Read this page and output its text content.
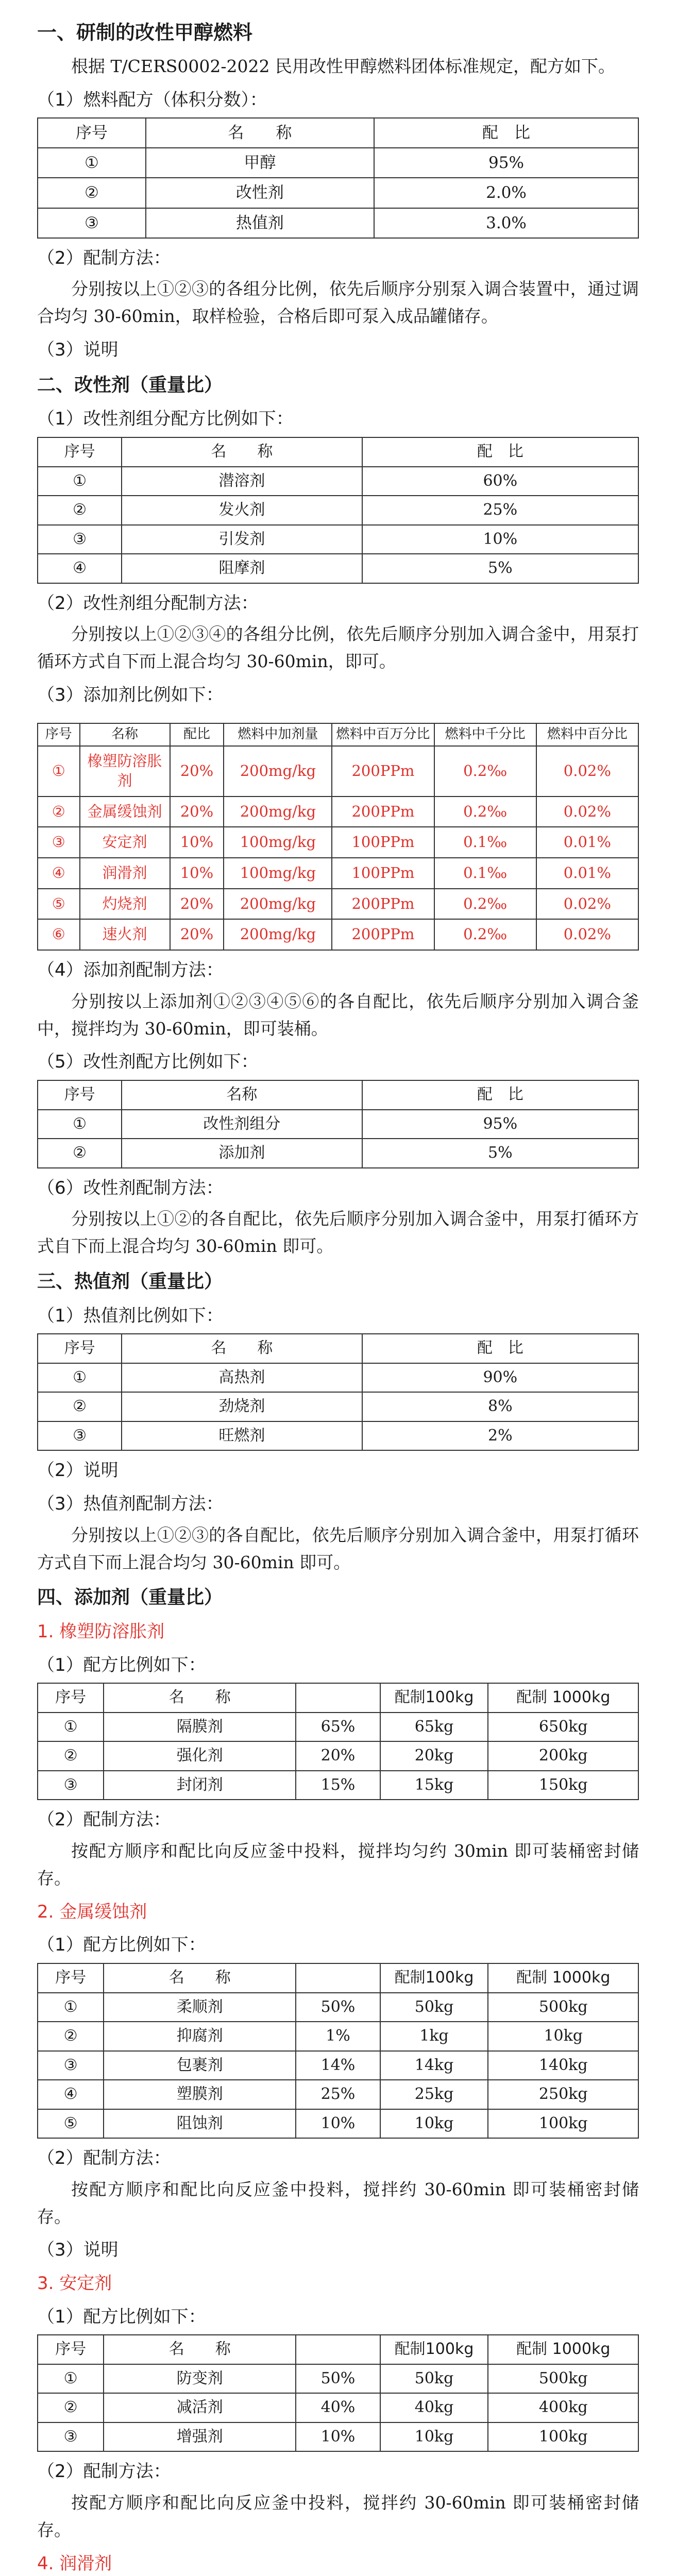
一、研制的改性甲醇燃料
根据 T/CERS0002-2022 民用改性甲醇燃料团体标准规定，配方如下。
（1）燃料配方（体积分数）：
序号	名　　称	配　比
①	甲醇	95%
②	改性剂	2.0%
③	热值剂	3.0%
（2）配制方法：
分别按以上①②③的各组分比例，依先后顺序分别泵入调合装置中，通过调合均匀 30-60min，取样检验，合格后即可泵入成品罐储存。
（3）说明
二、改性剂（重量比）
（1）改性剂组分配方比例如下：
序号	名　　称	配　比
①	潜溶剂	60%
②	发火剂	25%
③	引发剂	10%
④	阻摩剂	5%
（2）改性剂组分配制方法：
分别按以上①②③④的各组分比例，依先后顺序分别加入调合釜中，用泵打循环方式自下而上混合均匀 30-60min，即可。
（3）添加剂比例如下：
序号	名称	配比	燃料中加剂量	燃料中百万分比	燃料中千分比	燃料中百分比
①	橡塑防溶胀剂	20%	200mg/kg	200PPm	0.2‰	0.02%
②	金属缓蚀剂	20%	200mg/kg	200PPm	0.2‰	0.02%
③	安定剂	10%	100mg/kg	100PPm	0.1‰	0.01%
④	润滑剂	10%	100mg/kg	100PPm	0.1‰	0.01%
⑤	灼烧剂	20%	200mg/kg	200PPm	0.2‰	0.02%
⑥	速火剂	20%	200mg/kg	200PPm	0.2‰	0.02%
（4）添加剂配制方法：
分别按以上添加剂①②③④⑤⑥的各自配比，依先后顺序分别加入调合釜中，搅拌均为 30-60min，即可装桶。
（5）改性剂配方比例如下：
序号	名称	配　比
①	改性剂组分	95%
②	添加剂	5%
（6）改性剂配制方法：
分别按以上①②的各自配比，依先后顺序分别加入调合釜中，用泵打循环方式自下而上混合均匀 30-60min 即可。
三、热值剂（重量比）
（1）热值剂比例如下：
序号	名　　称	配　比
①	高热剂	90%
②	劲烧剂	8%
③	旺燃剂	2%
（2）说明
（3）热值剂配制方法：
分别按以上①②③的各自配比，依先后顺序分别加入调合釜中，用泵打循环方式自下而上混合均匀 30-60min 即可。
四、添加剂（重量比）
1. 橡塑防溶胀剂
（1）配方比例如下：
序号	名　　称		配制100kg	配制 1000kg
①	隔膜剂	65%	65kg	650kg
②	强化剂	20%	20kg	200kg
③	封闭剂	15%	15kg	150kg
（2）配制方法：
按配方顺序和配比向反应釜中投料，搅拌均匀约 30min 即可装桶密封储存。
2. 金属缓蚀剂
（1）配方比例如下：
序号	名　　称		配制100kg	配制 1000kg
①	柔顺剂	50%	50kg	500kg
②	抑腐剂	1%	1kg	10kg
③	包裹剂	14%	14kg	140kg
④	塑膜剂	25%	25kg	250kg
⑤	阻蚀剂	10%	10kg	100kg
（2）配制方法：
按配方顺序和配比向反应釜中投料，搅拌约 30-60min 即可装桶密封储存。
（3）说明
3. 安定剂
（1）配方比例如下：
序号	名　　称		配制100kg	配制 1000kg
①	防变剂	50%	50kg	500kg
②	减活剂	40%	40kg	400kg
③	增强剂	10%	10kg	100kg
（2）配制方法：
按配方顺序和配比向反应釜中投料，搅拌约 30-60min 即可装桶密封储存。
4. 润滑剂
